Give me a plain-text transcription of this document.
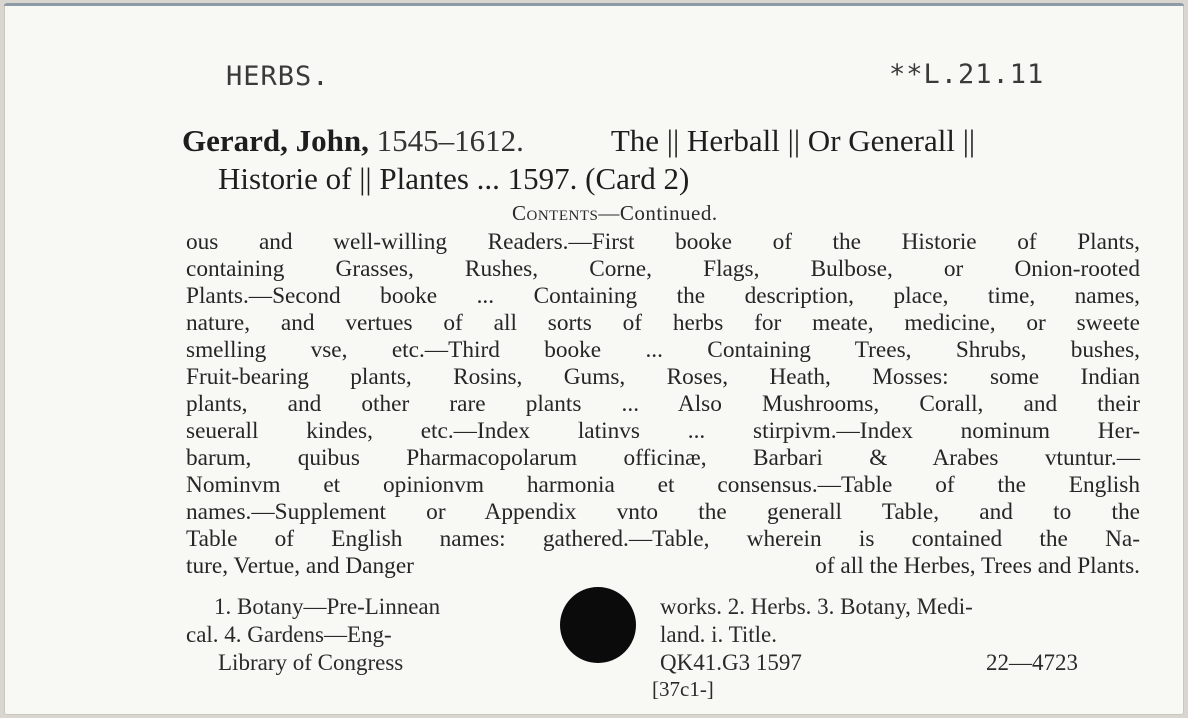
HERBS.	**L.21.11
Gerard, John, 1545–1612.	The || Herball || Or Generall ||
Historie of || Plantes ... 1597. (Card 2)
Contents—Continued.
ous and well-willing Readers.—First booke of the Historie of Plants,
containing Grasses, Rushes, Corne, Flags, Bulbose, or Onion-rooted
Plants.—Second booke ... Containing the description, place, time, names,
nature, and vertues of all sorts of herbs for meate, medicine, or sweete
smelling vse, etc.—Third booke ... Containing Trees, Shrubs, bushes,
Fruit-bearing plants, Rosins, Gums, Roses, Heath, Mosses: some Indian
plants, and other rare plants ... Also Mushrooms, Corall, and their
seuerall kindes, etc.—Index latinvs ... stirpivm.—Index nominum Her-
barum, quibus Pharmacopolarum officinæ, Barbari & Arabes vtuntur.—
Nominvm et opinionvm harmonia et consensus.—Table of the English
names.—Supplement or Appendix vnto the generall Table, and to the
Table of English names: gathered.—Table, wherein is contained the Na-
ture, Vertue, and Danger	of all the Herbes, Trees and Plants.
1. Botany—Pre-Linnean	works. 2. Herbs. 3. Botany, Medi-
cal. 4. Gardens—Eng-	land. i. Title.
Library of Congress	QK41.G3 1597	22—4723
[37c1-]
